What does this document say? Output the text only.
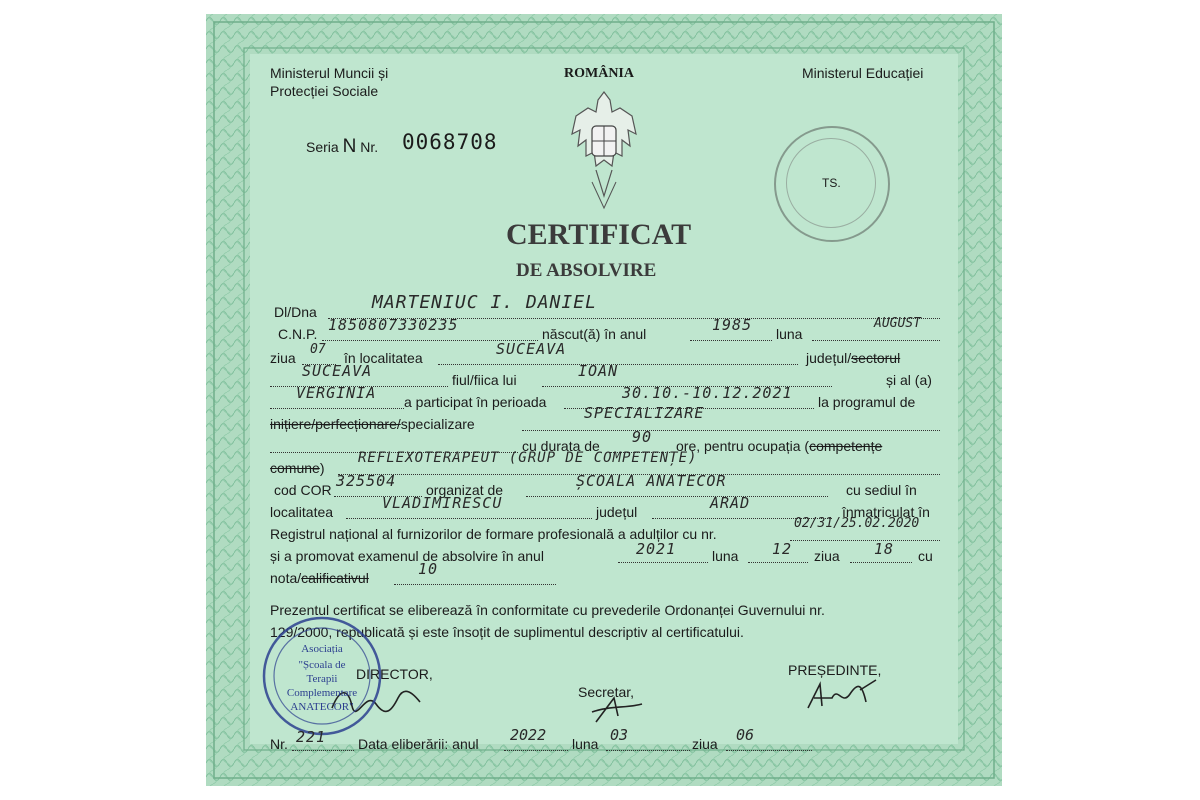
Ministerul Muncii și
Protecției Sociale
ROMÂNIA	Ministerul Educației
Seria N Nr. 0068708
TS.
CERTIFICAT
DE ABSOLVIRE
Dl/Dna	MARTENIUC I. DANIEL
C.N.P. 1850807330235	născut(ă) în anul	1985 luna
AUGUST
ziua
07
în localitatea	SUCEAVA	județul/sectorul
SUCEAVA	fiul/fiica lui	IOAN	și al (a)
VERGINIA a participat în perioada	30.10.-10.12.2021 la programul de
inițiere/perfecționare/specializare
SPECIALIZARE
cu durata de 90 ore, pentru ocupația (competențe
comune)
REFLEXOTERAPEUT (GRUP DE COMPETENȚE)
cod COR 325504 organizat de	ȘCOALA ANATECOR	cu sediul în
localitatea	VLADIMIRESCU	județul	ARAD	înmatriculat în
Registrul național al furnizorilor de formare profesională a adulților cu nr.
02/31/25.02.2020
și a promovat examenul de absolvire în anul	2021	luna 12 ziua 18 cu
nota/calificativul	10
Prezentul certificat se eliberează în conformitate cu prevederile Ordonanței Guvernului nr.
129/2000, republicată și este însoțit de suplimentul descriptiv al certificatului.
DIRECTOR,
Secretar,
PREȘEDINTE,
Asociația
"Școala de
Terapii
Complementare
ANATECOR"
Nr. 221 Data eliberării: anul 2022 luna 03	ziua 06
